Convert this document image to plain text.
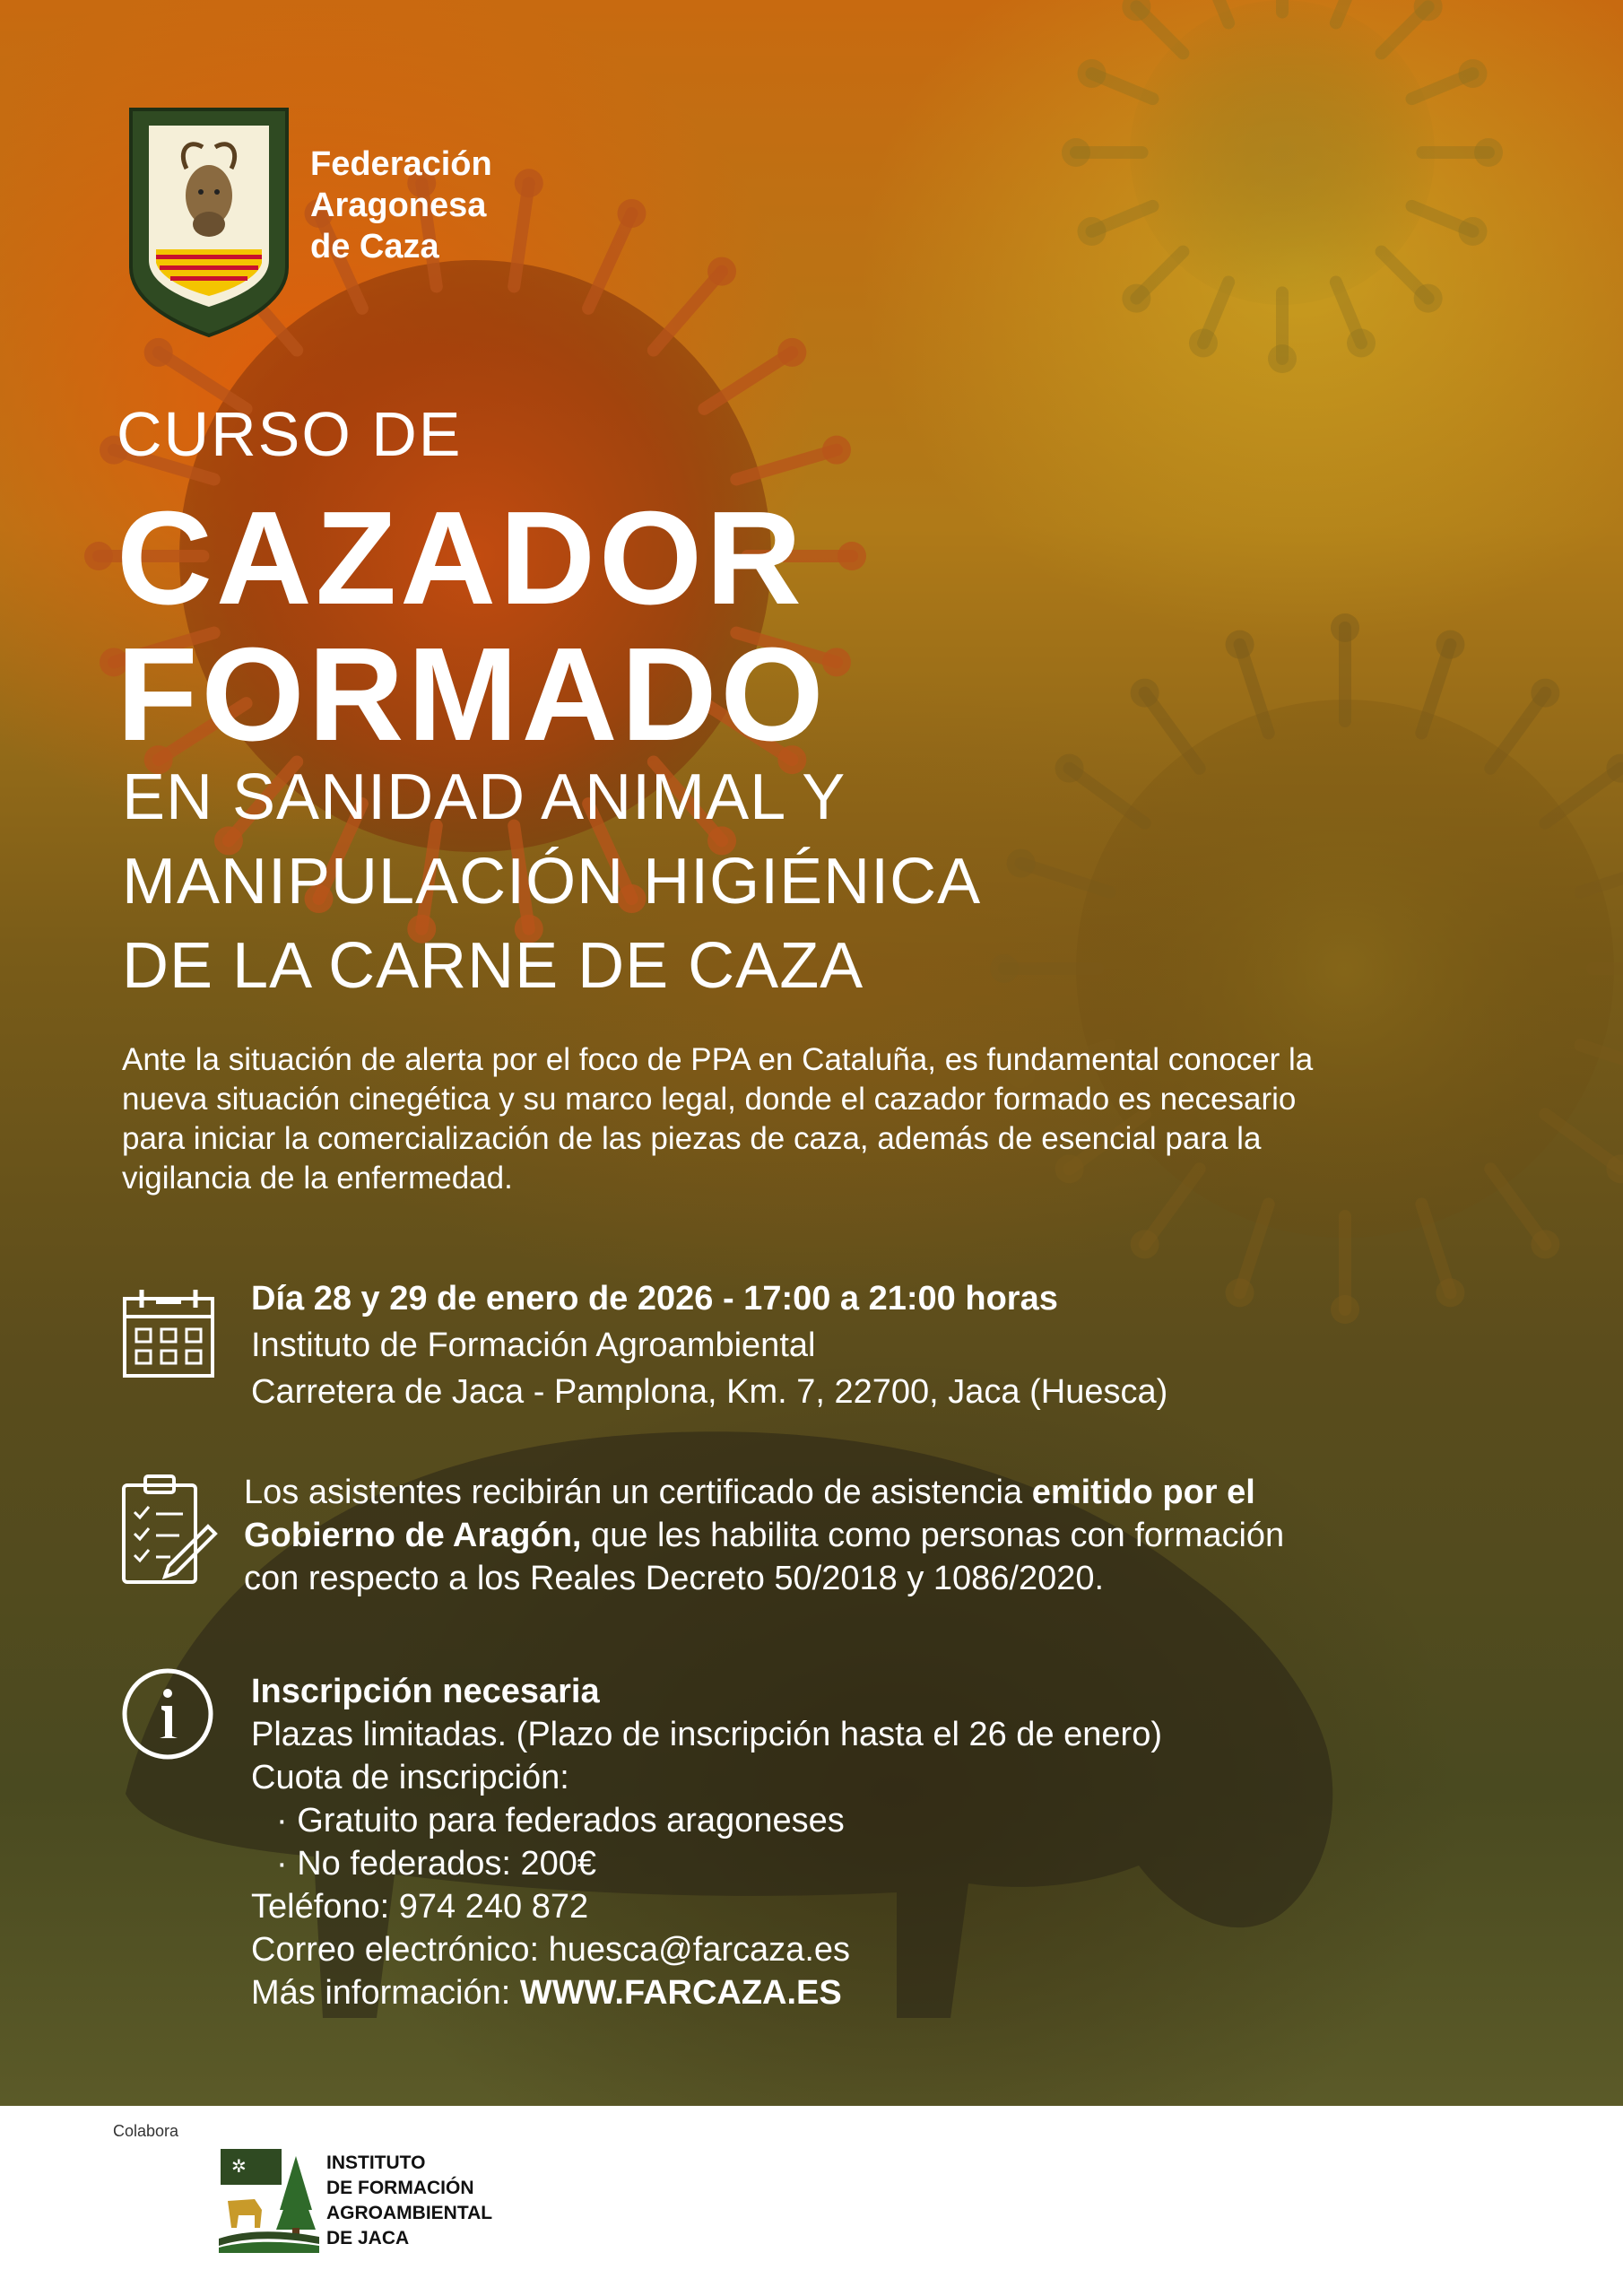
Federación
Aragonesa
de Caza
CURSO DE
CAZADOR
FORMADO
EN SANIDAD ANIMAL Y
MANIPULACIÓN HIGIÉNICA
DE LA CARNE DE CAZA
Ante la situación de alerta por el foco de PPA en Cataluña, es fundamental conocer la
nueva situación cinegética y su marco legal, donde el cazador formado es necesario
para iniciar la comercialización de las piezas de caza, además de esencial para la
vigilancia de la enfermedad.
Día 28 y 29 de enero de 2026 - 17:00 a 21:00 horas
Instituto de Formación Agroambiental
Carretera de Jaca - Pamplona, Km. 7, 22700, Jaca (Huesca)
Los asistentes recibirán un certificado de asistencia emitido por el
Gobierno de Aragón, que les habilita como personas con formación
con respecto a los Reales Decreto 50/2018 y 1086/2020.
Inscripción necesaria
Plazas limitadas. (Plazo de inscripción hasta el 26 de enero)
Cuota de inscripción:
· Gratuito para federados aragoneses
· No federados: 200€
Teléfono: 974 240 872
Correo electrónico: huesca@farcaza.es
Más información: WWW.FARCAZA.ES
Colabora
✲	INSTITUTO
DE FORMACIÓN
AGROAMBIENTAL
DE JACA
